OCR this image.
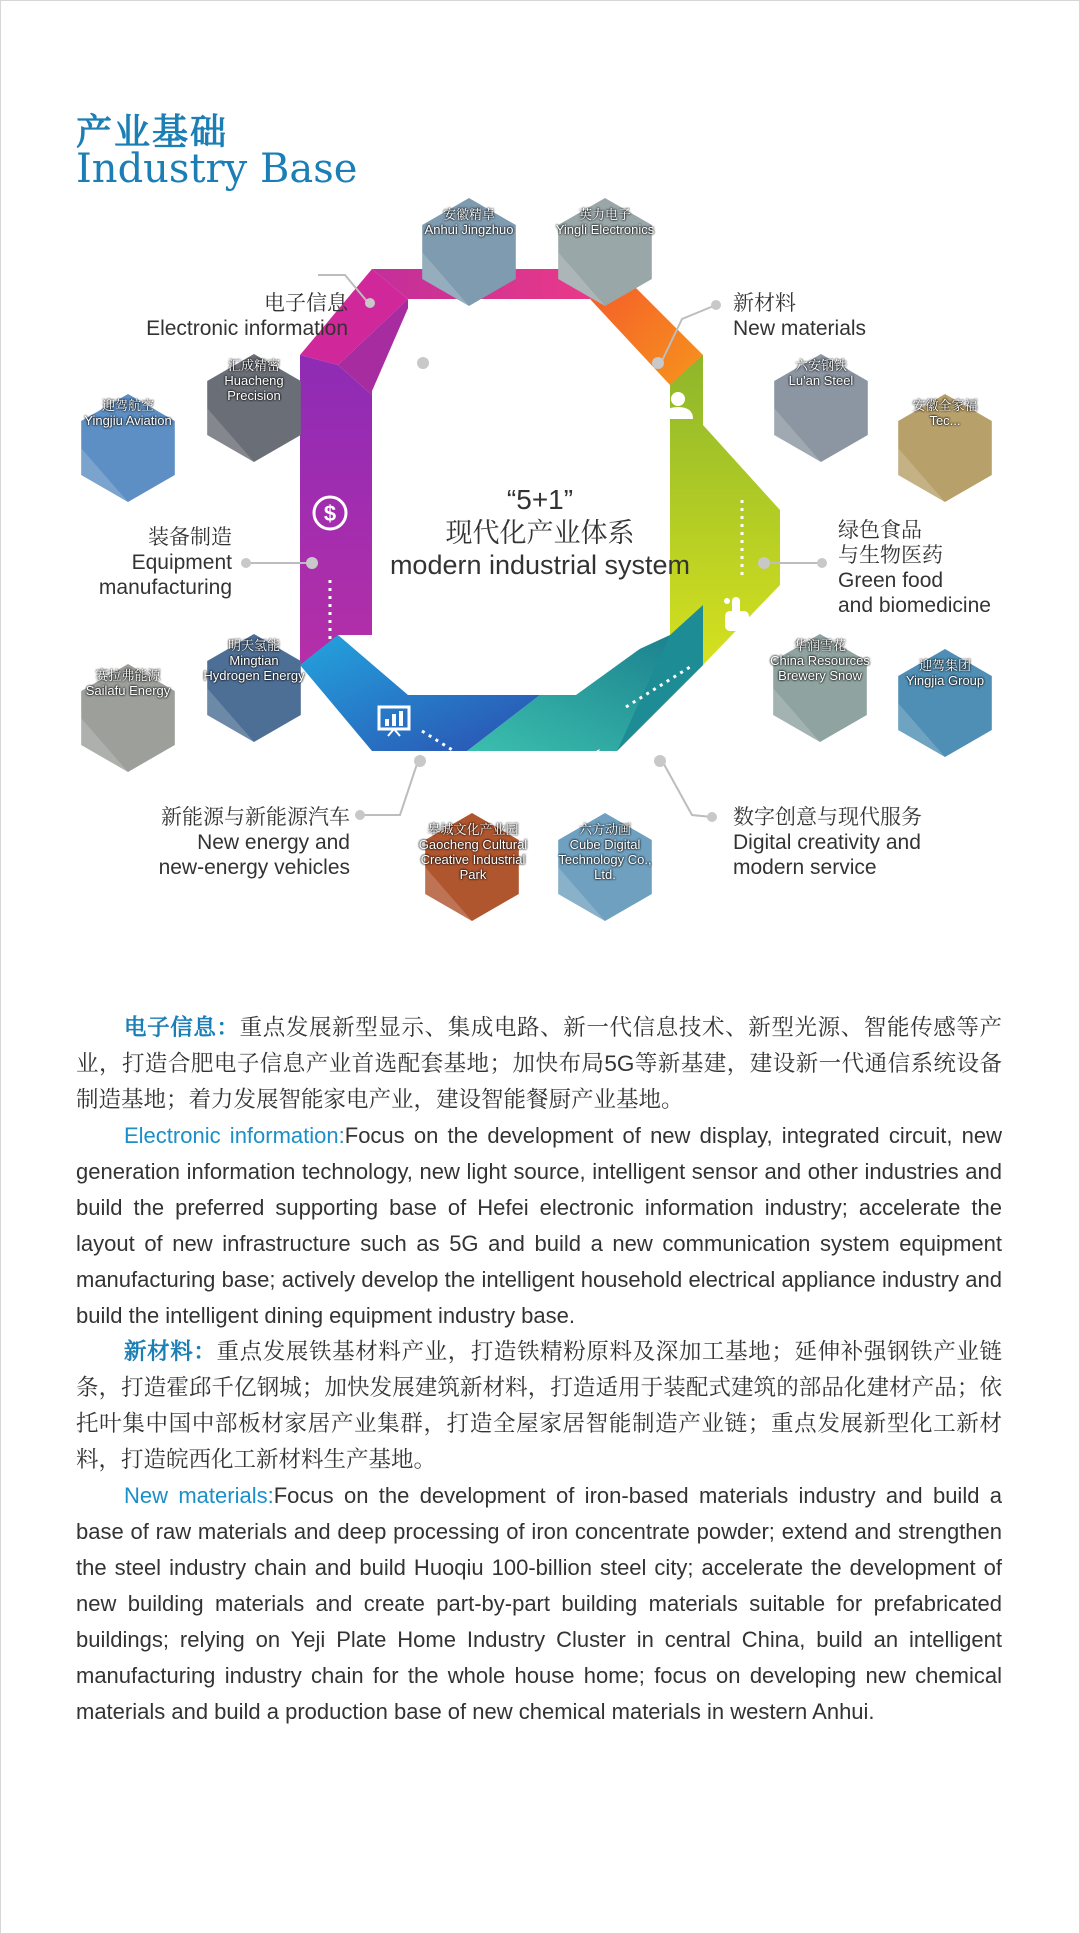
产业基础
Industry Base
$
安徽精卓
Anhui Jingzhuo
英力电子
Yingli Electronics
六安钢铁
Lu'an Steel
安徽全家福
Tec...
华润雪花
China Resources Brewery Snow
迎驾集团
Yingjia Group
皋城文化产业园
Gaocheng Cultural Creative Industrial Park
六方动画
Cube Digital Technology Co., Ltd.
赛拉弗能源
Sailafu Energy
明天氢能
Mingtian Hydrogen Energy
迎驾航空
Yingjiu Aviation
汇成精密
Huacheng Precision
电子信息
Electronic information
新材料
New materials
绿色食品
与生物医药
Green food
and biomedicine
数字创意与现代服务
Digital creativity and
modern service
新能源与新能源汽车
New energy and
new-energy vehicles
装备制造
Equipment
manufacturing
“5+1”
现代化产业体系
modern industrial system

电子信息：重点发展新型显示、集成电路、新一代信息技术、新型光源、智能传感等产业，打造合肥电子信息产业首选配套基地；加快布局5G等新基建，建设新一代通信系统设备制造基地；着力发展智能家电产业，建设智能餐厨产业基地。

Electronic information:Focus on the development of new display, integrated circuit, new generation information technology, new light source, intelligent sensor and other industries and build the preferred supporting base of Hefei electronic information industry; accelerate the layout of new infrastructure such as 5G and build a new communication system equipment manufacturing base; actively develop the intelligent household electrical appliance industry and build the intelligent dining equipment industry base.

新材料：重点发展铁基材料产业，打造铁精粉原料及深加工基地；延伸补强钢铁产业链条，打造霍邱千亿钢城；加快发展建筑新材料，打造适用于装配式建筑的部品化建材产品；依托叶集中国中部板材家居产业集群，打造全屋家居智能制造产业链；重点发展新型化工新材料，打造皖西化工新材料生产基地。

New materials:Focus on the development of iron-based materials industry and build a base of raw materials and deep processing of iron concentrate powder; extend and strengthen the steel industry chain and build Huoqiu 100-billion steel city; accelerate the development of new building materials and create part-by-part building materials suitable for prefabricated buildings; relying on Yeji Plate Home Industry Cluster in central China, build an intelligent manufacturing industry chain for the whole house home; focus on developing new chemical materials and build a production base of new chemical materials in western Anhui.
